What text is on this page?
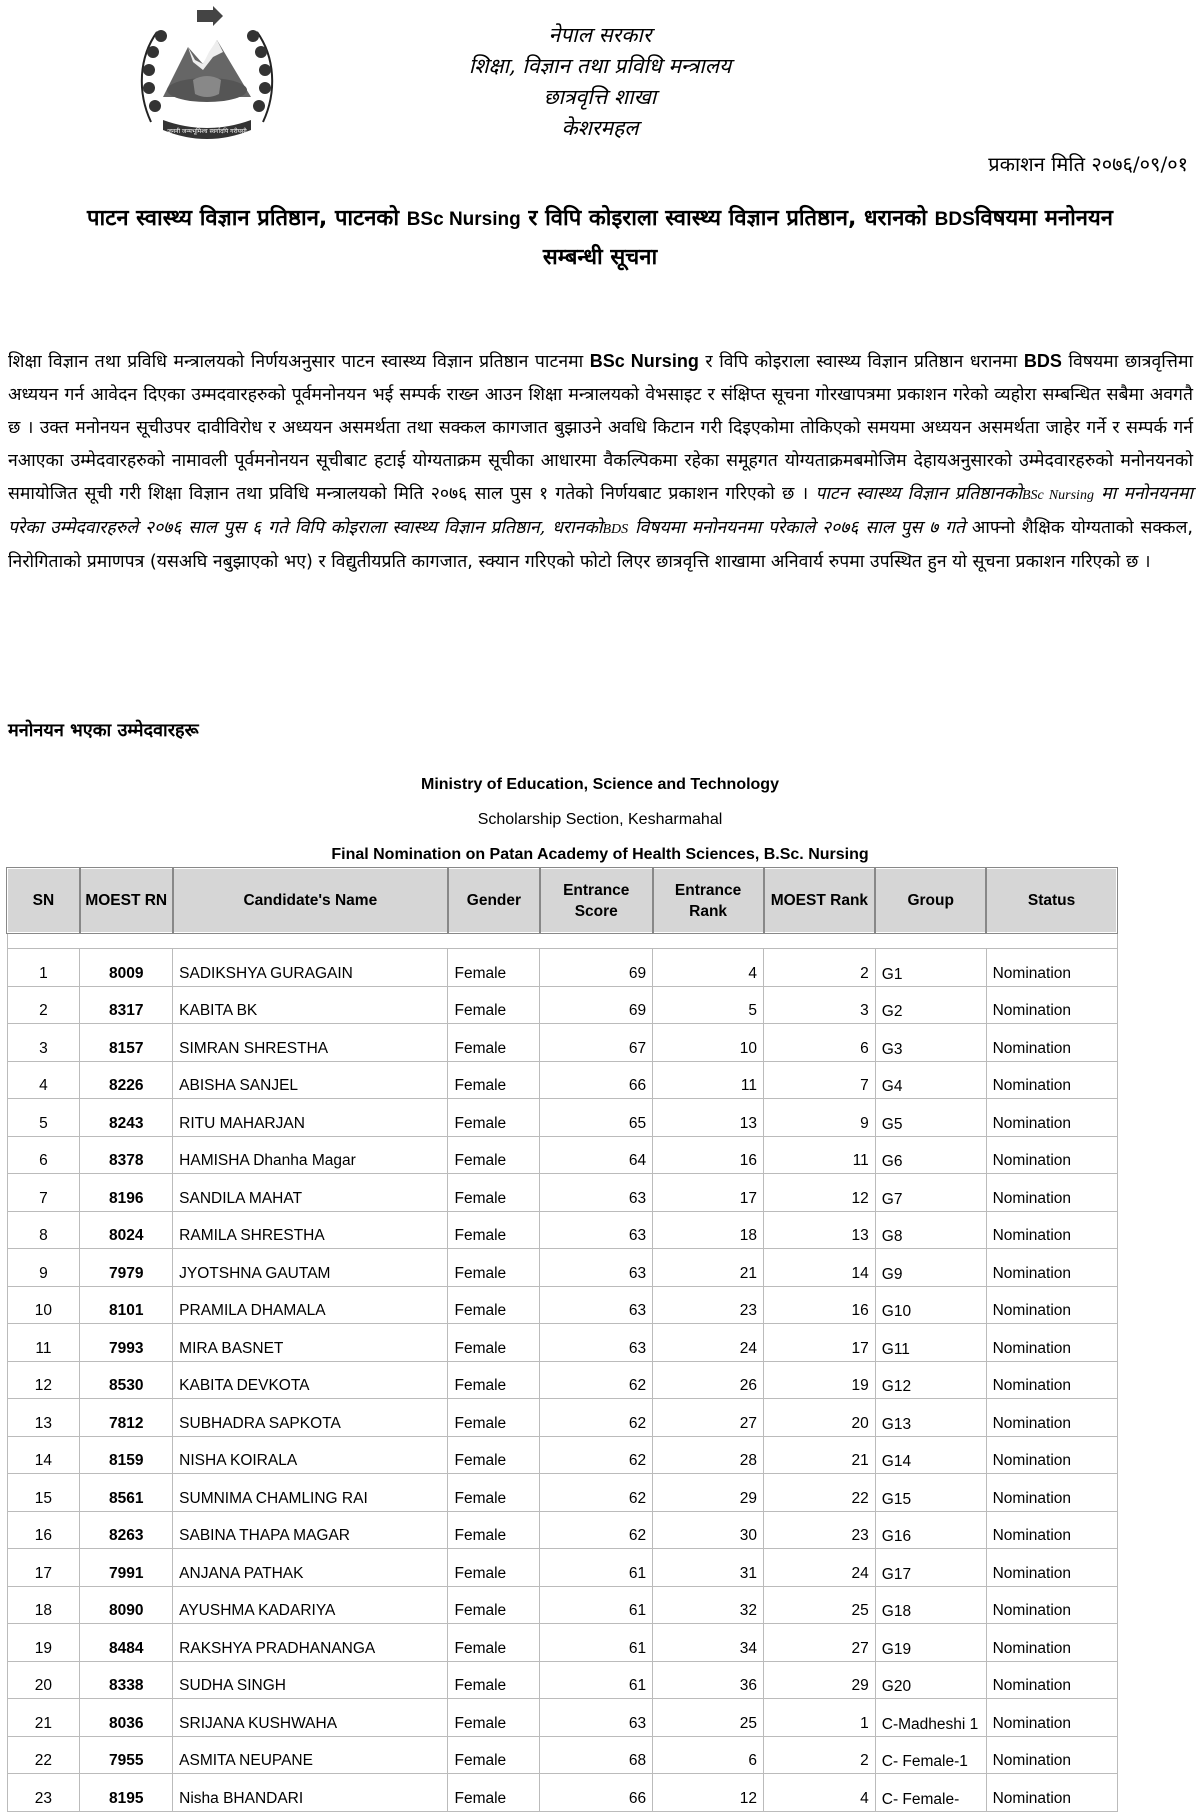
जननी जन्मभूमिश्च स्वर्गादपि गरीयसी
नेपाल सरकार
शिक्षा, विज्ञान तथा प्रविधि मन्त्रालय
छात्रवृत्ति शाखा
केशरमहल
प्रकाशन मिति २०७६/०९/०१
पाटन स्वास्थ्य विज्ञान प्रतिष्ठान, पाटनको BSc Nursing र विपि कोइराला स्वास्थ्य विज्ञान प्रतिष्ठान, धरानको BDSविषयमा मनोनयन
सम्बन्धी सूचना

शिक्षा विज्ञान तथा प्रविधि मन्त्रालयको निर्णयअनुसार पाटन स्वास्थ्य विज्ञान प्रतिष्ठान पाटनमा BSc Nursing र विपि कोइराला स्वास्थ्य विज्ञान प्रतिष्ठान धरानमा BDS विषयमा छात्रवृत्तिमा अध्ययन गर्न आवेदन दिएका उम्मदवारहरुको पूर्वमनोनयन भई सम्पर्क राख्न आउन शिक्षा मन्त्रालयको वेभसाइट र संक्षिप्त सूचना गोरखापत्रमा प्रकाशन गरेको व्यहोरा सम्बन्धित सबैमा अवगतै छ । उक्त मनोनयन सूचीउपर दावीविरोध र अध्ययन असमर्थता तथा सक्कल कागजात बुझाउने अवधि किटान गरी दिइएकोमा तोकिएको समयमा अध्ययन असमर्थता जाहेर गर्ने र सम्पर्क गर्न नआएका उम्मेदवारहरुको नामावली पूर्वमनोनयन सूचीबाट हटाई योग्यताक्रम सूचीका आधारमा वैकल्पिकमा रहेका समूहगत योग्यताक्रमबमोजिम देहायअनुसारको उम्मेदवारहरुको मनोनयनको समायोजित सूची गरी शिक्षा विज्ञान तथा प्रविधि मन्त्रालयको मिति २०७६ साल पुस १ गतेको निर्णयबाट प्रकाशन गरिएको छ । पाटन स्वास्थ्य विज्ञान प्रतिष्ठानकोBSc Nursing मा मनोनयनमा परेका उम्मेदवारहरुले २०७६ साल पुस ६ गते विपि कोइराला स्वास्थ्य विज्ञान प्रतिष्ठान, धरानकोBDS विषयमा मनोनयनमा परेकाले २०७६ साल पुस ७ गते आफ्नो शैक्षिक योग्यताको सक्कल, निरोगिताको प्रमाणपत्र (यसअघि नबुझाएको भए) र विद्युतीयप्रति कागजात, स्क्यान गरिएको फोटो लिएर छात्रवृत्ति शाखामा अनिवार्य रुपमा उपस्थित हुन यो सूचना प्रकाशन गरिएको छ ।

मनोनयन भएका उम्मेदवारहरू
Ministry of Education, Science and Technology
Scholarship Section, Kesharmahal
Final Nomination on Patan Academy of Health Sciences, B.Sc. Nursing
SN	MOEST RN	Candidate's Name	Gender	Entrance Score	Entrance Rank	MOEST Rank	Group	Status

1	8009	SADIKSHYA GURAGAIN	Female	69	4	2	G1	Nomination
2	8317	KABITA BK	Female	69	5	3	G2	Nomination
3	8157	SIMRAN SHRESTHA	Female	67	10	6	G3	Nomination
4	8226	ABISHA SANJEL	Female	66	11	7	G4	Nomination
5	8243	RITU MAHARJAN	Female	65	13	9	G5	Nomination
6	8378	HAMISHA Dhanha Magar	Female	64	16	11	G6	Nomination
7	8196	SANDILA MAHAT	Female	63	17	12	G7	Nomination
8	8024	RAMILA SHRESTHA	Female	63	18	13	G8	Nomination
9	7979	JYOTSHNA GAUTAM	Female	63	21	14	G9	Nomination
10	8101	PRAMILA DHAMALA	Female	63	23	16	G10	Nomination
11	7993	MIRA BASNET	Female	63	24	17	G11	Nomination
12	8530	KABITA DEVKOTA	Female	62	26	19	G12	Nomination
13	7812	SUBHADRA SAPKOTA	Female	62	27	20	G13	Nomination
14	8159	NISHA KOIRALA	Female	62	28	21	G14	Nomination
15	8561	SUMNIMA CHAMLING RAI	Female	62	29	22	G15	Nomination
16	8263	SABINA THAPA MAGAR	Female	62	30	23	G16	Nomination
17	7991	ANJANA PATHAK	Female	61	31	24	G17	Nomination
18	8090	AYUSHMA KADARIYA	Female	61	32	25	G18	Nomination
19	8484	RAKSHYA PRADHANANGA	Female	61	34	27	G19	Nomination
20	8338	SUDHA SINGH	Female	61	36	29	G20	Nomination
21	8036	SRIJANA KUSHWAHA	Female	63	25	1	C-Madheshi 1	Nomination
22	7955	ASMITA NEUPANE	Female	68	6	2	C- Female-1	Nomination
23	8195	Nisha BHANDARI	Female	66	12	4	C- Female-	Nomination
